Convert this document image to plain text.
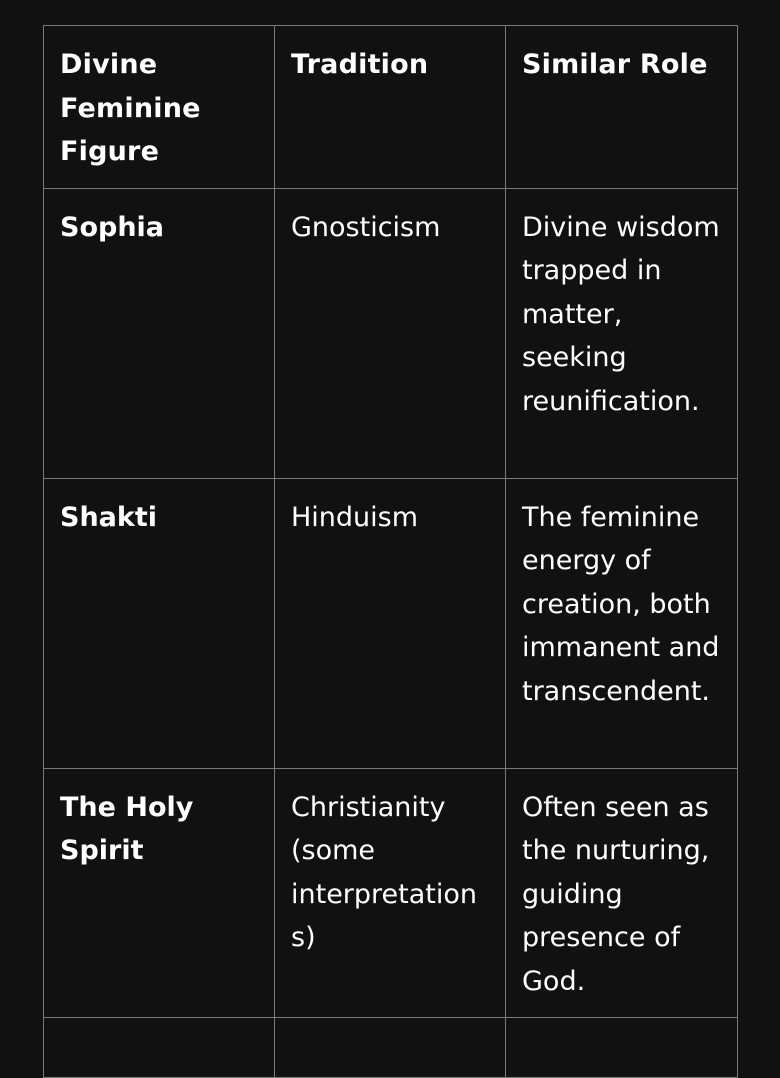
Divine Feminine Figure	Tradition	Similar Role
Sophia	Gnosticism	Divine wisdom trapped in matter, seeking reunification.
Shakti	Hinduism	The feminine energy of creation, both immanent and transcendent.
The Holy Spirit	Christianity (some interpretations)	Often seen as the nurturing, guiding presence of God.
